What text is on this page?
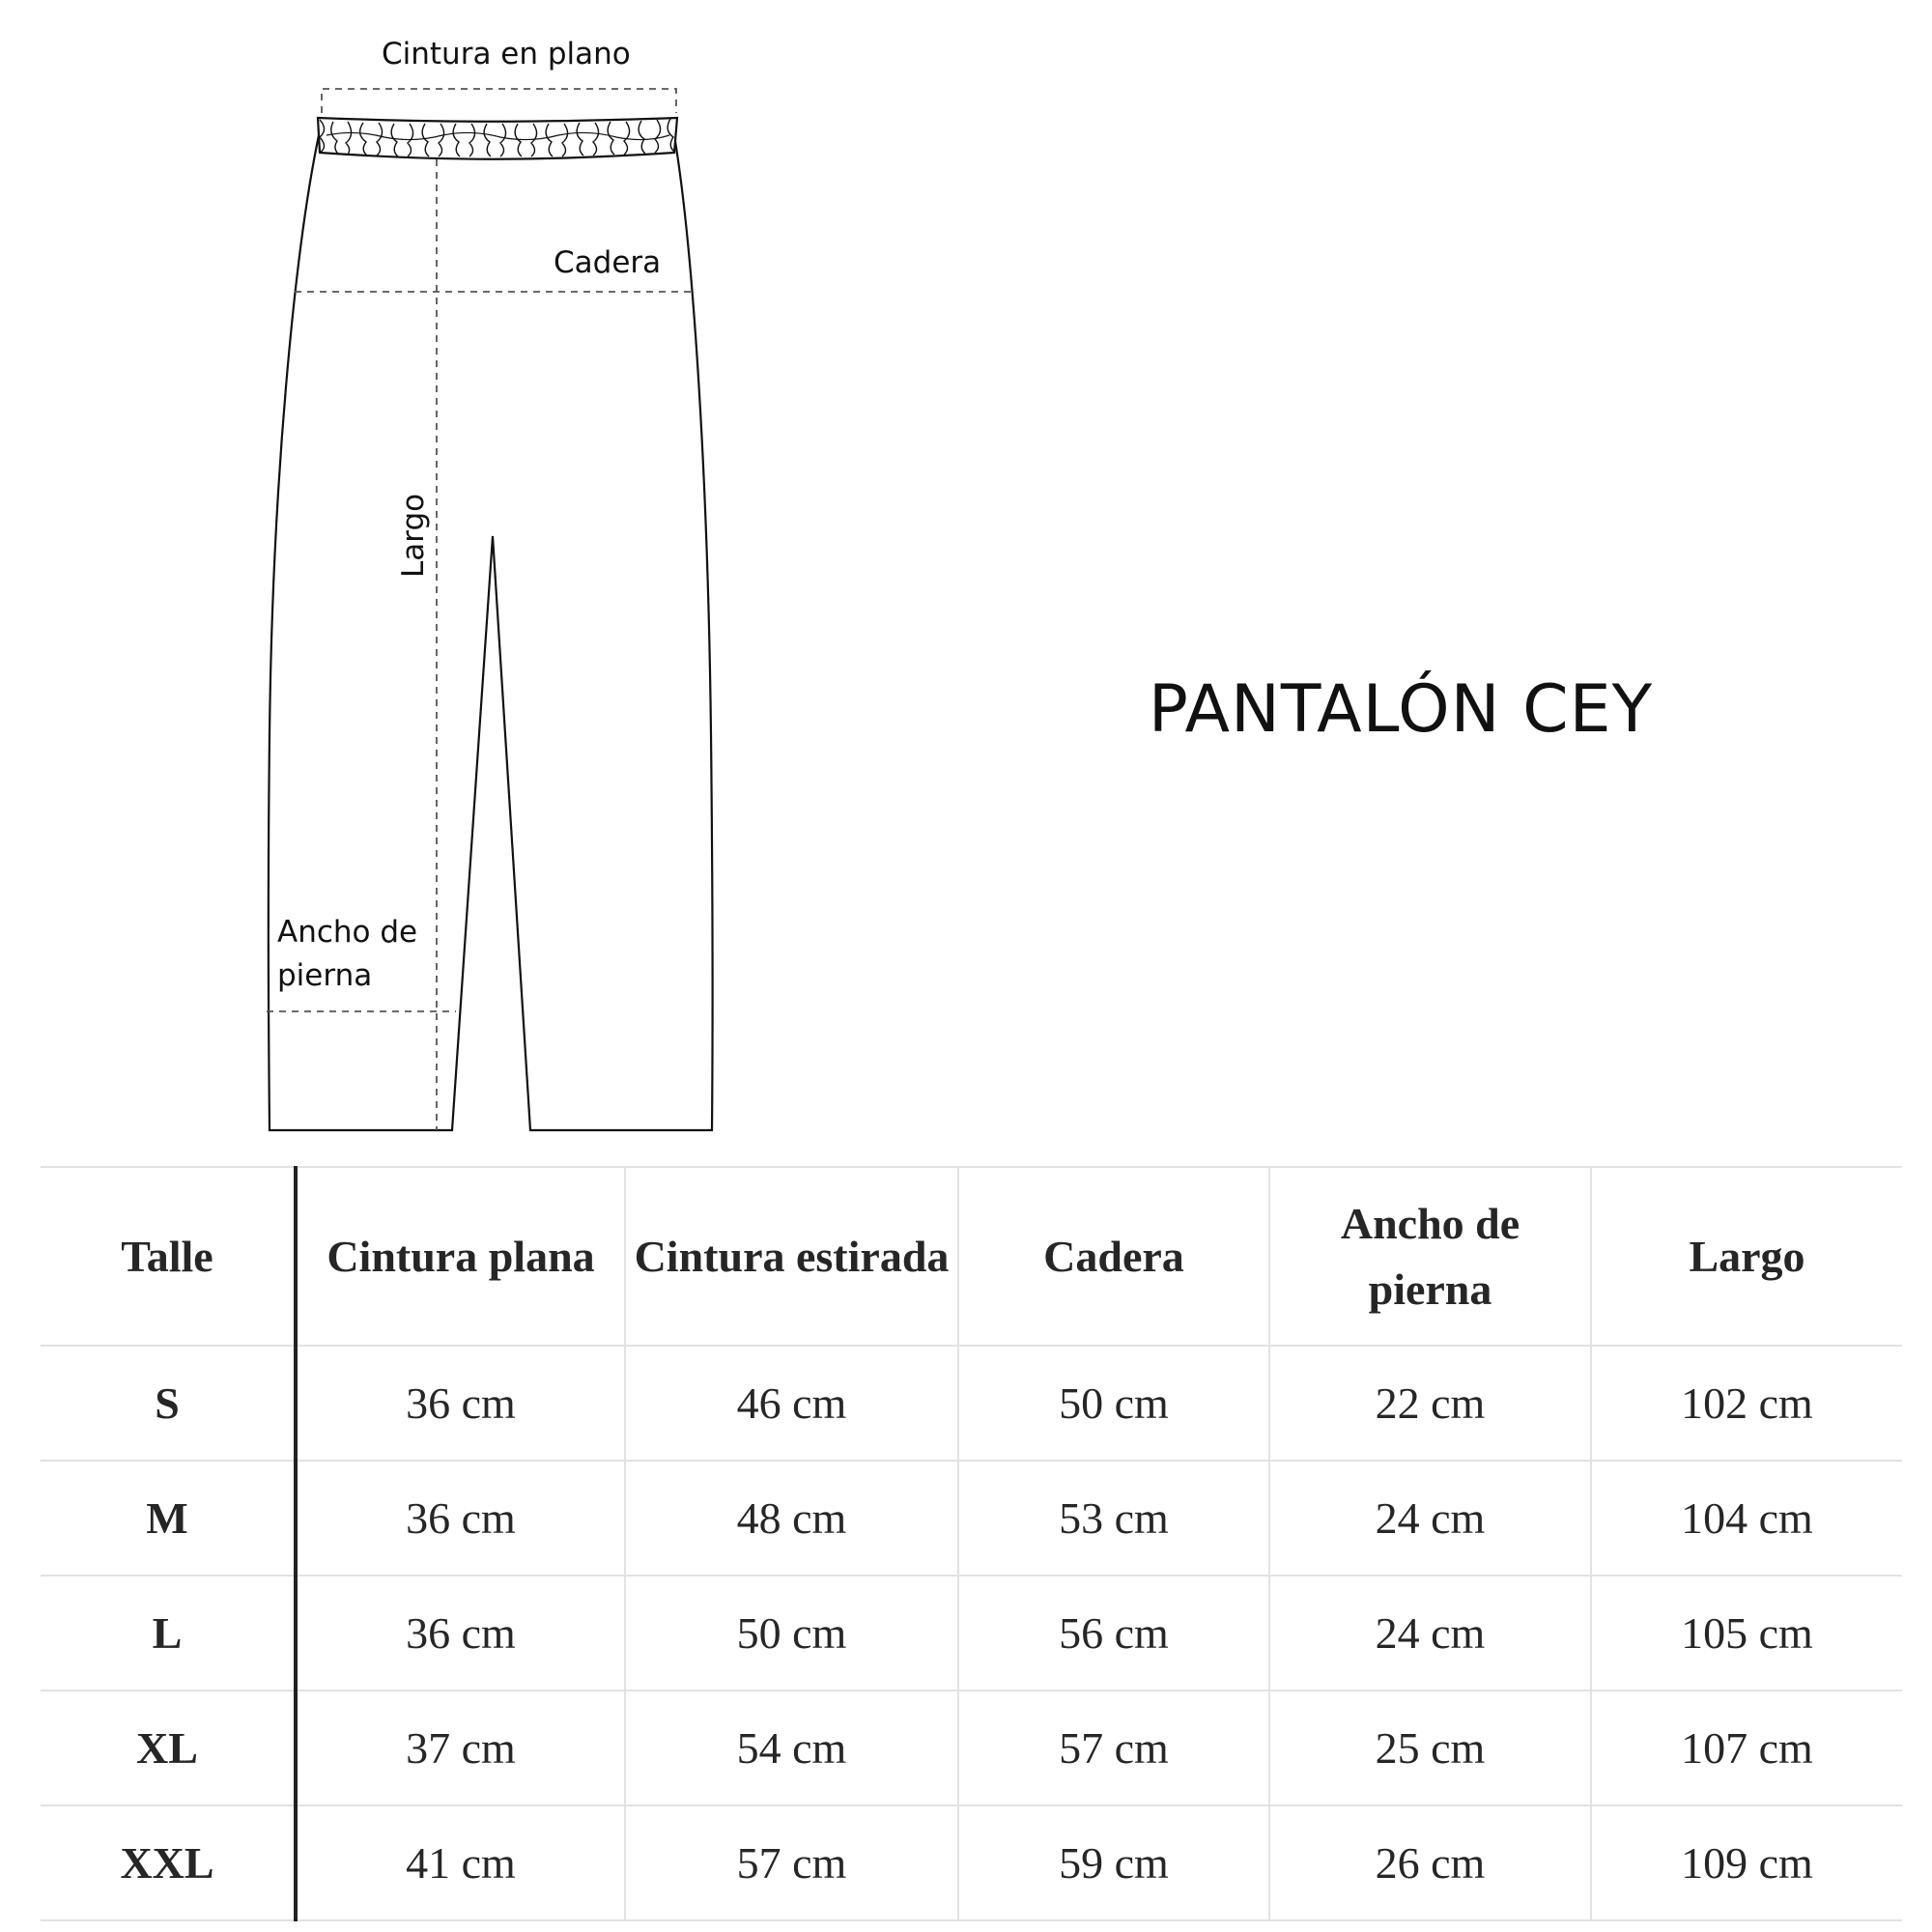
Cintura en plano
Cadera
Largo
Ancho de
pierna
PANTALÓN CEY
Talle	Cintura plana	Cintura estirada	Cadera	Ancho de pierna	Largo
S	36 cm	46 cm	50 cm	22 cm	102 cm
M	36 cm	48 cm	53 cm	24 cm	104 cm
L	36 cm	50 cm	56 cm	24 cm	105 cm
XL	37 cm	54 cm	57 cm	25 cm	107 cm
XXL	41 cm	57 cm	59 cm	26 cm	109 cm
